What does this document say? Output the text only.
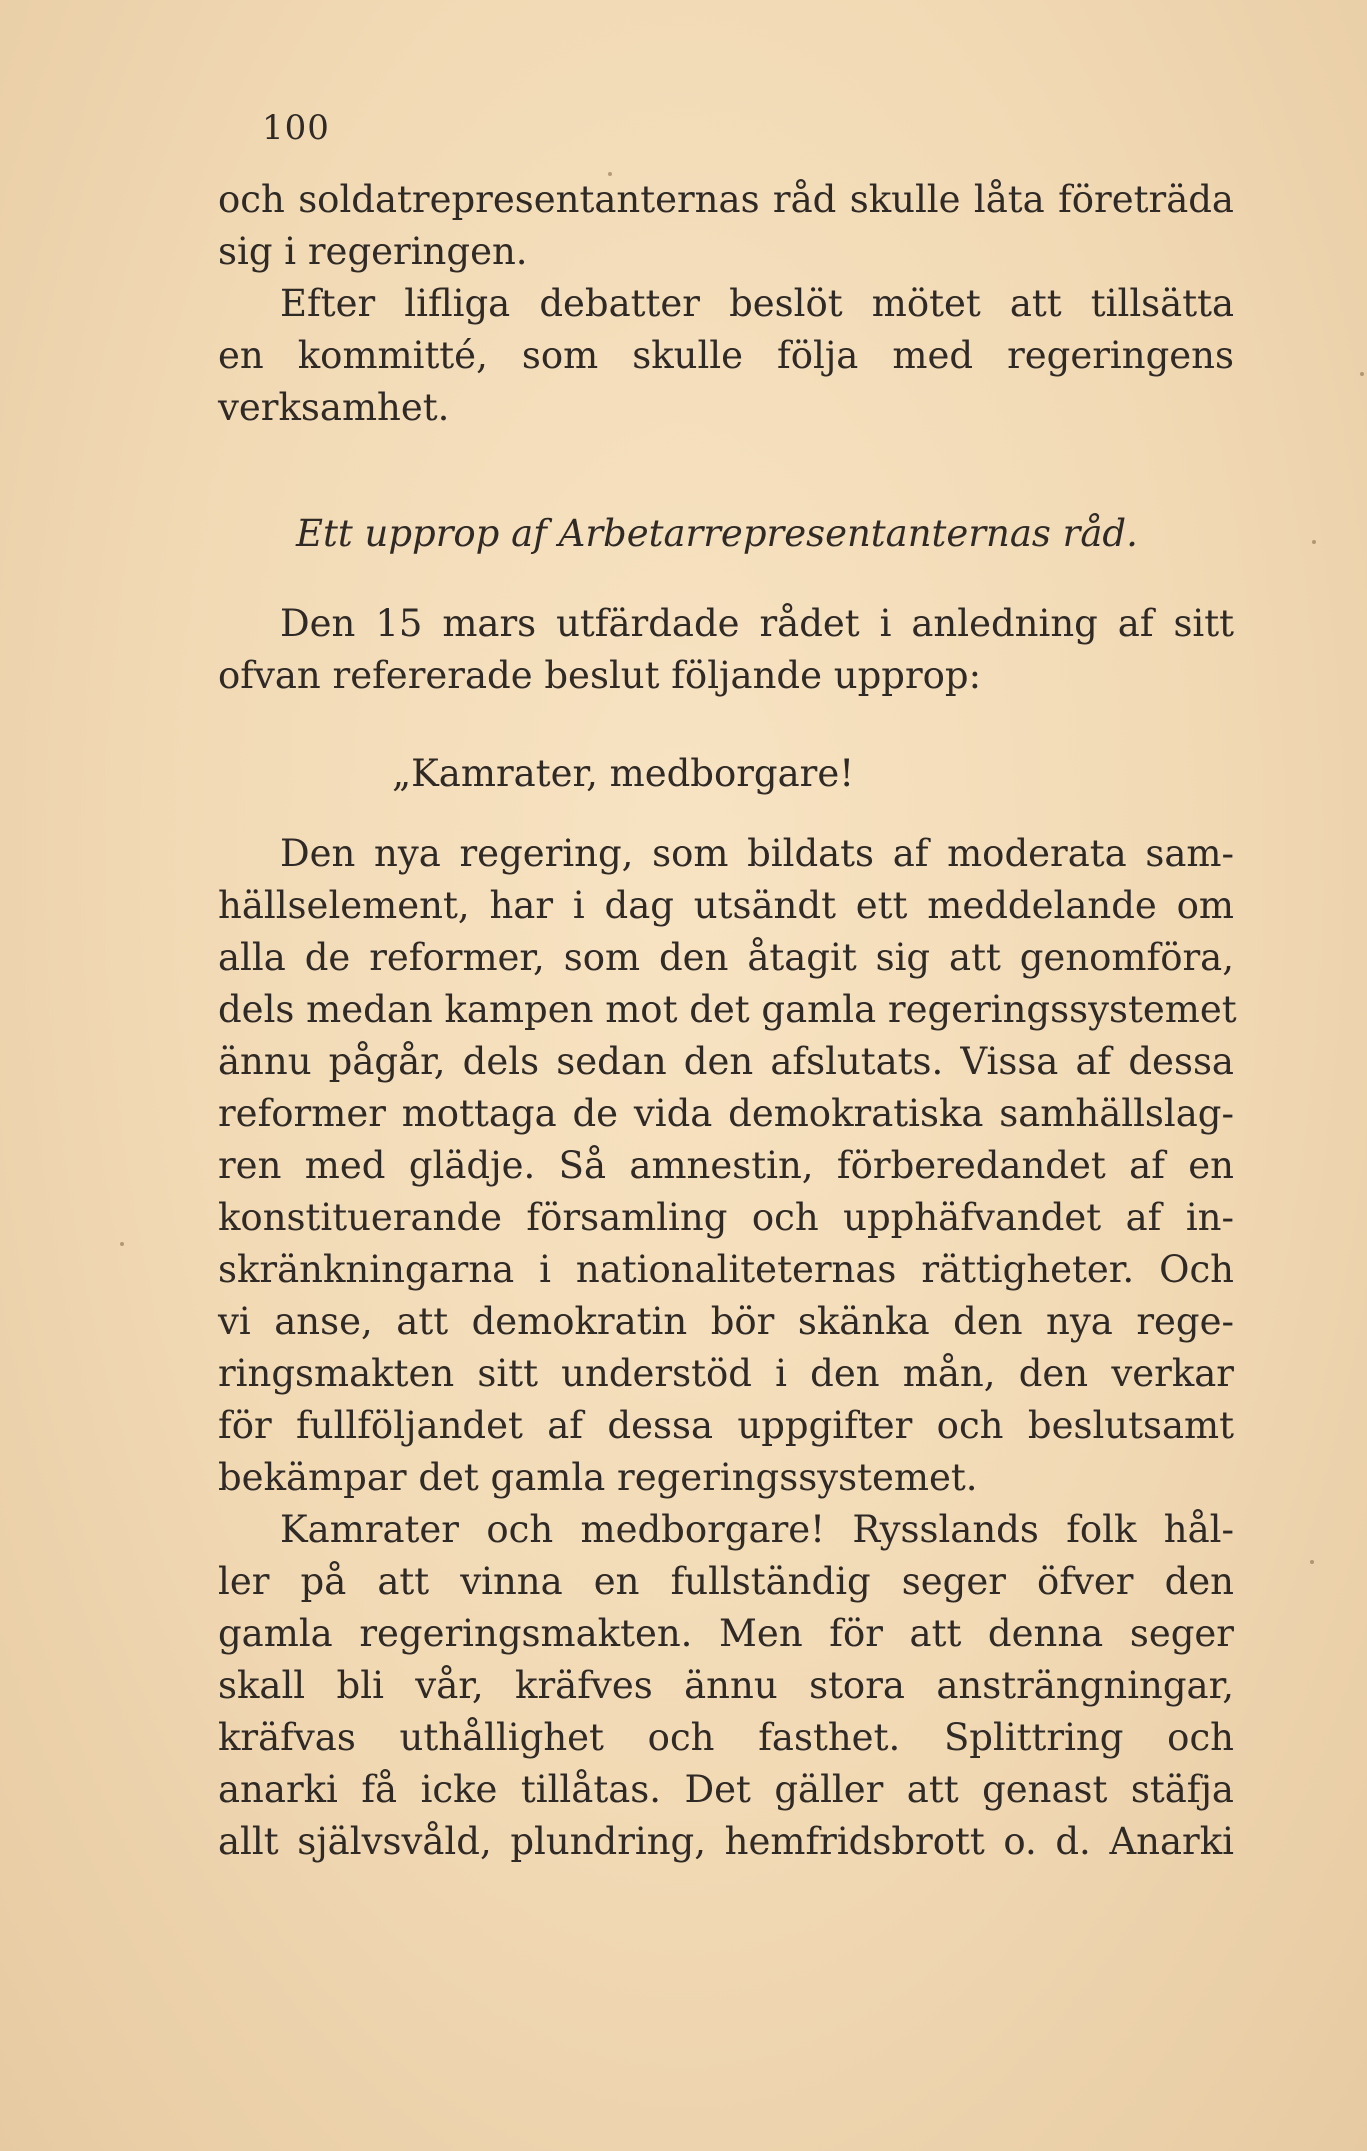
100
och soldatrepresentanternas råd skulle låta företräda
sig i regeringen.
Efter lifliga debatter beslöt mötet att tillsätta
en kommitté, som skulle följa med regeringens
verksamhet.
Ett upprop af Arbetarrepresentanternas råd.
Den 15 mars utfärdade rådet i anledning af sitt
ofvan refererade beslut följande upprop:
„Kamrater, medborgare!
Den nya regering, som bildats af moderata sam-
hällselement, har i dag utsändt ett meddelande om
alla de reformer, som den åtagit sig att genomföra,
dels medan kampen mot det gamla regeringssystemet
ännu pågår, dels sedan den afslutats. Vissa af dessa
reformer mottaga de vida demokratiska samhällslag-
ren med glädje. Så amnestin, förberedandet af en
konstituerande församling och upphäfvandet af in-
skränkningarna i nationaliteternas rättigheter. Och
vi anse, att demokratin bör skänka den nya rege-
ringsmakten sitt understöd i den mån, den verkar
för fullföljandet af dessa uppgifter och beslutsamt
bekämpar det gamla regeringssystemet.
Kamrater och medborgare! Rysslands folk hål-
ler på att vinna en fullständig seger öfver den
gamla regeringsmakten. Men för att denna seger
skall bli vår, kräfves ännu stora ansträngningar,
kräfvas uthållighet och fasthet. Splittring och
anarki få icke tillåtas. Det gäller att genast stäfja
allt självsvåld, plundring, hemfridsbrott o. d. Anarki
